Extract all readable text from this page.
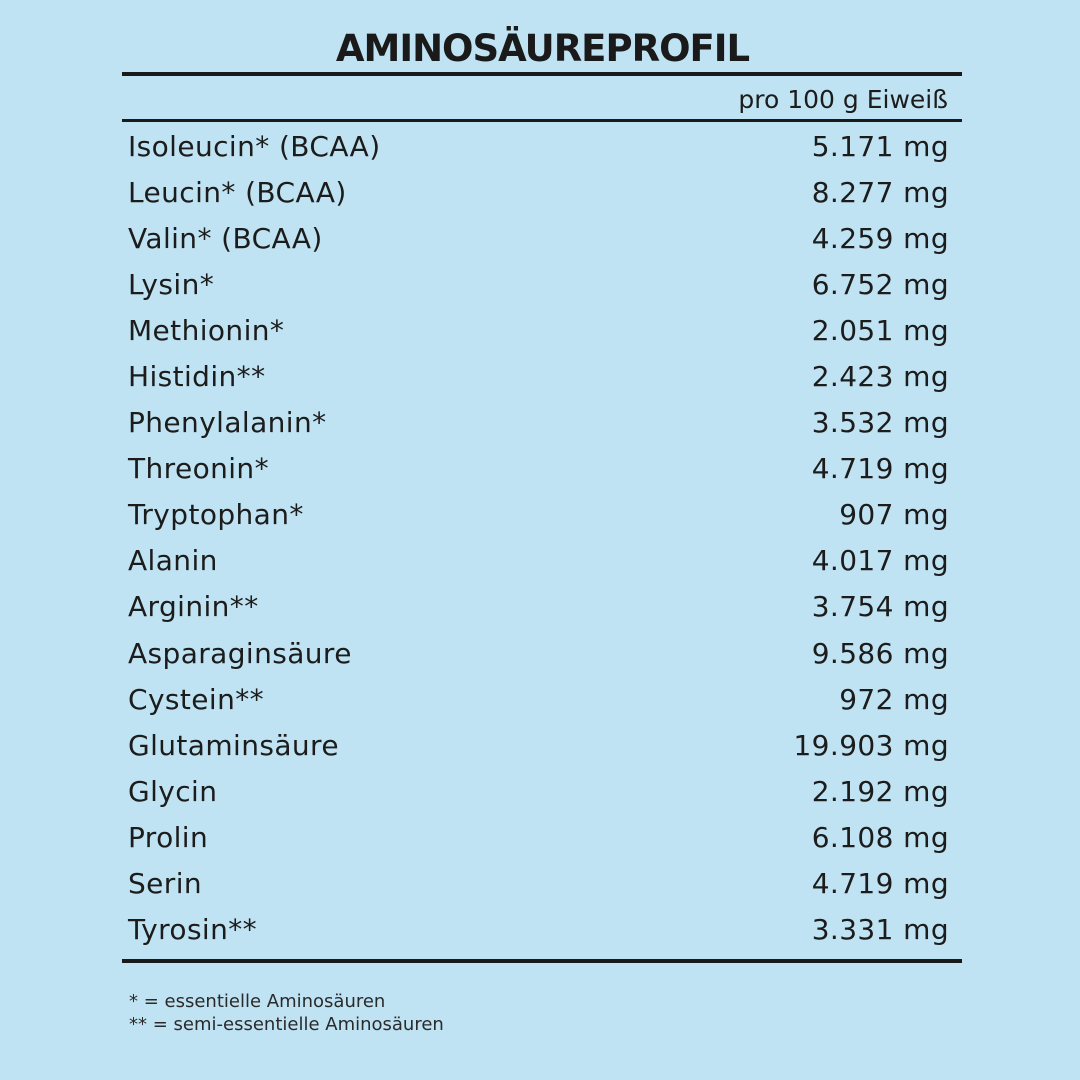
AMINOSÄUREPROFIL
pro 100 g Eiweiß
Isoleucin* (BCAA)	5.171 mg
Leucin* (BCAA)	8.277 mg
Valin* (BCAA)	4.259 mg
Lysin*	6.752 mg
Methionin*	2.051 mg
Histidin**	2.423 mg
Phenylalanin*	3.532 mg
Threonin*	4.719 mg
Tryptophan*	907 mg
Alanin	4.017 mg
Arginin**	3.754 mg
Asparaginsäure	9.586 mg
Cystein**	972 mg
Glutaminsäure	19.903 mg
Glycin	2.192 mg
Prolin	6.108 mg
Serin	4.719 mg
Tyrosin**	3.331 mg
* = essentielle Aminosäuren
** = semi-essentielle Aminosäuren
